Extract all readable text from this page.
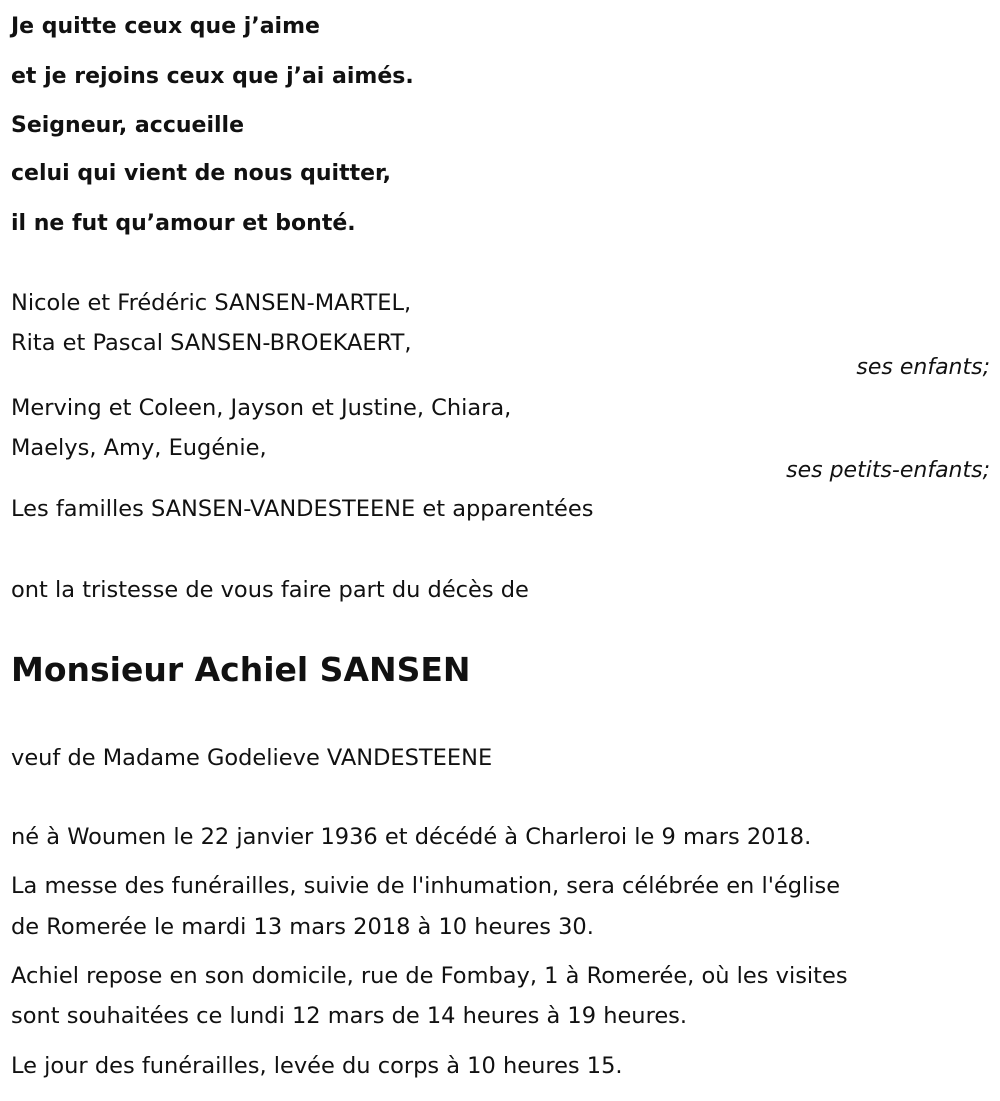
Je quitte ceux que j’aime
et je rejoins ceux que j’ai aimés.
Seigneur, accueille
celui qui vient de nous quitter,
il ne fut qu’amour et bonté.
Nicole et Frédéric SANSEN-MARTEL,
Rita et Pascal SANSEN-BROEKAERT,
ses enfants;
Merving et Coleen, Jayson et Justine, Chiara,
Maelys, Amy, Eugénie,
ses petits-enfants;
Les familles SANSEN-VANDESTEENE et apparentées
ont la tristesse de vous faire part du décès de
Monsieur Achiel SANSEN
veuf de Madame Godelieve VANDESTEENE
né à Woumen le 22 janvier 1936 et décédé à Charleroi le 9 mars 2018.
La messe des funérailles, suivie de l'inhumation, sera célébrée en l'église
de Romerée le mardi 13 mars 2018 à 10 heures 30.
Achiel repose en son domicile, rue de Fombay, 1 à Romerée, où les visites
sont souhaitées ce lundi 12 mars de 14 heures à 19 heures.
Le jour des funérailles, levée du corps à 10 heures 15.
